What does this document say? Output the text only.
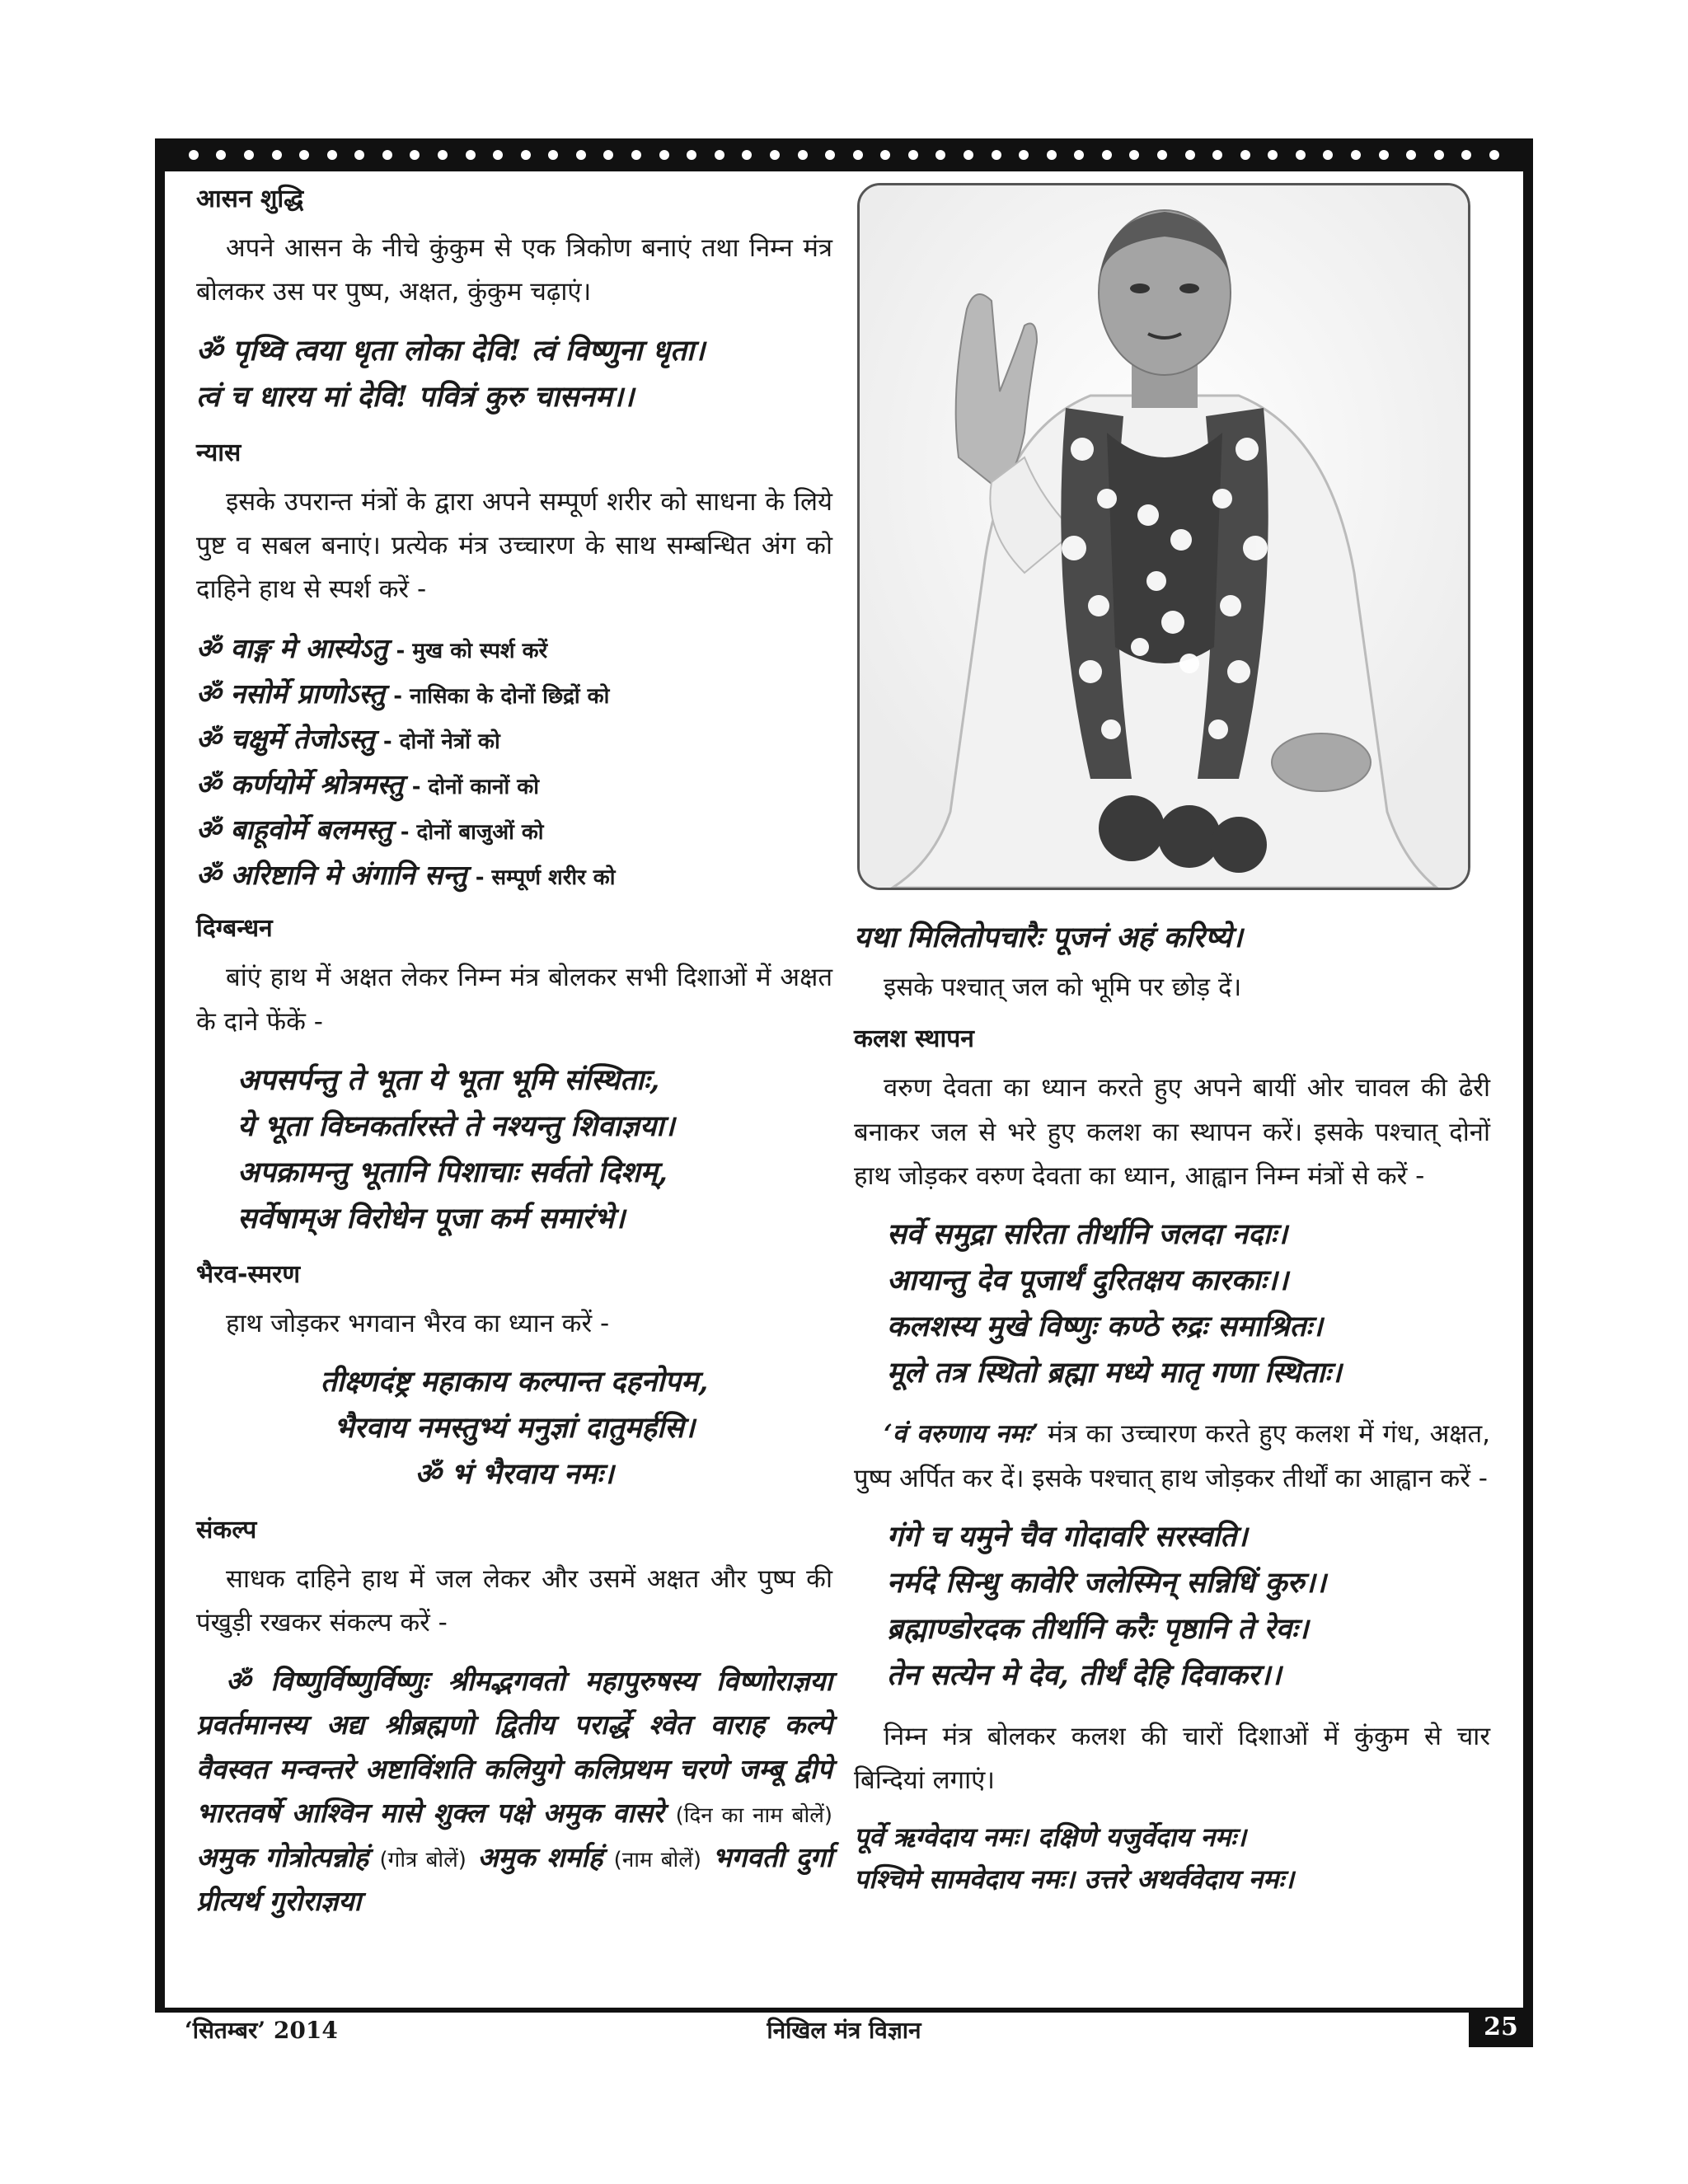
आसन शुद्धि

अपने आसन के नीचे कुंकुम से एक त्रिकोण बनाएं तथा निम्न मंत्र बोलकर उस पर पुष्प, अक्षत, कुंकुम चढ़ाएं।

ॐ पृथ्वि त्वया धृता लोका देवि! त्वं विष्णुना धृता।
त्वं च धारय मां देवि! पवित्रं कुरु चासनम।।
न्यास

इसके उपरान्त मंत्रों के द्वारा अपने सम्पूर्ण शरीर को साधना के लिये पुष्ट व सबल बनाएं। प्रत्येक मंत्र उच्चारण के साथ सम्बन्धित अंग को दाहिने हाथ से स्पर्श करें -

ॐ वाङ्ग मे आस्येऽतु - मुख को स्पर्श करें
ॐ नसोर्मे प्राणोऽस्तु - नासिका के दोनों छिद्रों को
ॐ चक्षुर्मे तेजोऽस्तु - दोनों नेत्रों को
ॐ कर्णयोर्मे श्रोत्रमस्तु - दोनों कानों को
ॐ बाहूवोर्मे बलमस्तु - दोनों बाजुओं को
ॐ अरिष्टानि मे अंगानि सन्तु - सम्पूर्ण शरीर को
दिग्बन्धन

बांएं हाथ में अक्षत लेकर निम्न मंत्र बोलकर सभी दिशाओं में अक्षत के दाने फेंकें -

अपसर्पन्तु ते भूता ये भूता भूमि संस्थिताः,
ये भूता विघ्नकर्तारस्ते ते नश्यन्तु शिवाज्ञया।
अपक्रामन्तु भूतानि पिशाचाः सर्वतो दिशम्,
सर्वेषाम्अ विरोधेन पूजा कर्म समारंभे।
भैरव-स्मरण

हाथ जोड़कर भगवान भैरव का ध्यान करें -

तीक्ष्णदंष्ट्र महाकाय कल्पान्त दहनोपम,
भैरवाय नमस्तुभ्यं मनुज्ञां दातुमर्हसि।
ॐ भं भैरवाय नमः।
संकल्प

साधक दाहिने हाथ में जल लेकर और उसमें अक्षत और पुष्प की पंखुड़ी रखकर संकल्प करें -

ॐ विष्णुर्विष्णुर्विष्णुः श्रीमद्भगवतो महापुरुषस्य विष्णोराज्ञया प्रवर्तमानस्य अद्य श्रीब्रह्मणो द्वितीय परार्द्धे श्वेत वाराह कल्पे वैवस्वत मन्वन्तरे अष्टाविंशति कलियुगे कलिप्रथम चरणे जम्बू द्वीपे भारतवर्षे आश्विन मासे शुक्ल पक्षे अमुक वासरे (दिन का नाम बोलें) अमुक गोत्रोत्पन्नोहं (गोत्र बोलें) अमुक शर्माहं (नाम बोलें) भगवती दुर्गा प्रीत्यर्थ गुरोराज्ञया
यथा मिलितोपचारैः पूजनं अहं करिष्ये।

इसके पश्चात् जल को भूमि पर छोड़ दें।

कलश स्थापन

वरुण देवता का ध्यान करते हुए अपने बायीं ओर चावल की ढेरी बनाकर जल से भरे हुए कलश का स्थापन करें। इसके पश्चात् दोनों हाथ जोड़कर वरुण देवता का ध्यान, आह्वान निम्न मंत्रों से करें -

सर्वे समुद्रा सरिता तीर्थानि जलदा नदाः।
आयान्तु देव पूजार्थं दुरितक्षय कारकाः।।
कलशस्य मुखे विष्णुः कण्ठे रुद्रः समाश्रितः।
मूले तत्र स्थितो ब्रह्मा मध्ये मातृ गणा स्थिताः।

‘वं वरुणाय नमः’ मंत्र का उच्चारण करते हुए कलश में गंध, अक्षत, पुष्प अर्पित कर दें। इसके पश्चात् हाथ जोड़कर तीर्थों का आह्वान करें -

गंगे च यमुने चैव गोदावरि सरस्वति।
नर्मदे सिन्धु कावेरि जलेस्मिन् सन्निधिं कुरु।।
ब्रह्माण्डोरदक तीर्थानि करैः पृष्ठानि ते रेवः।
तेन सत्येन मे देव, तीर्थं देहि दिवाकर।।

निम्न मंत्र बोलकर कलश की चारों दिशाओं में कुंकुम से चार बिन्दियां लगाएं।

पूर्वे ऋग्वेदाय नमः। दक्षिणे यजुर्वेदाय नमः।
पश्चिमे सामवेदाय नमः। उत्तरे अथर्ववेदाय नमः।
‘सितम्बर’ 2014	निखिल मंत्र विज्ञान	25
